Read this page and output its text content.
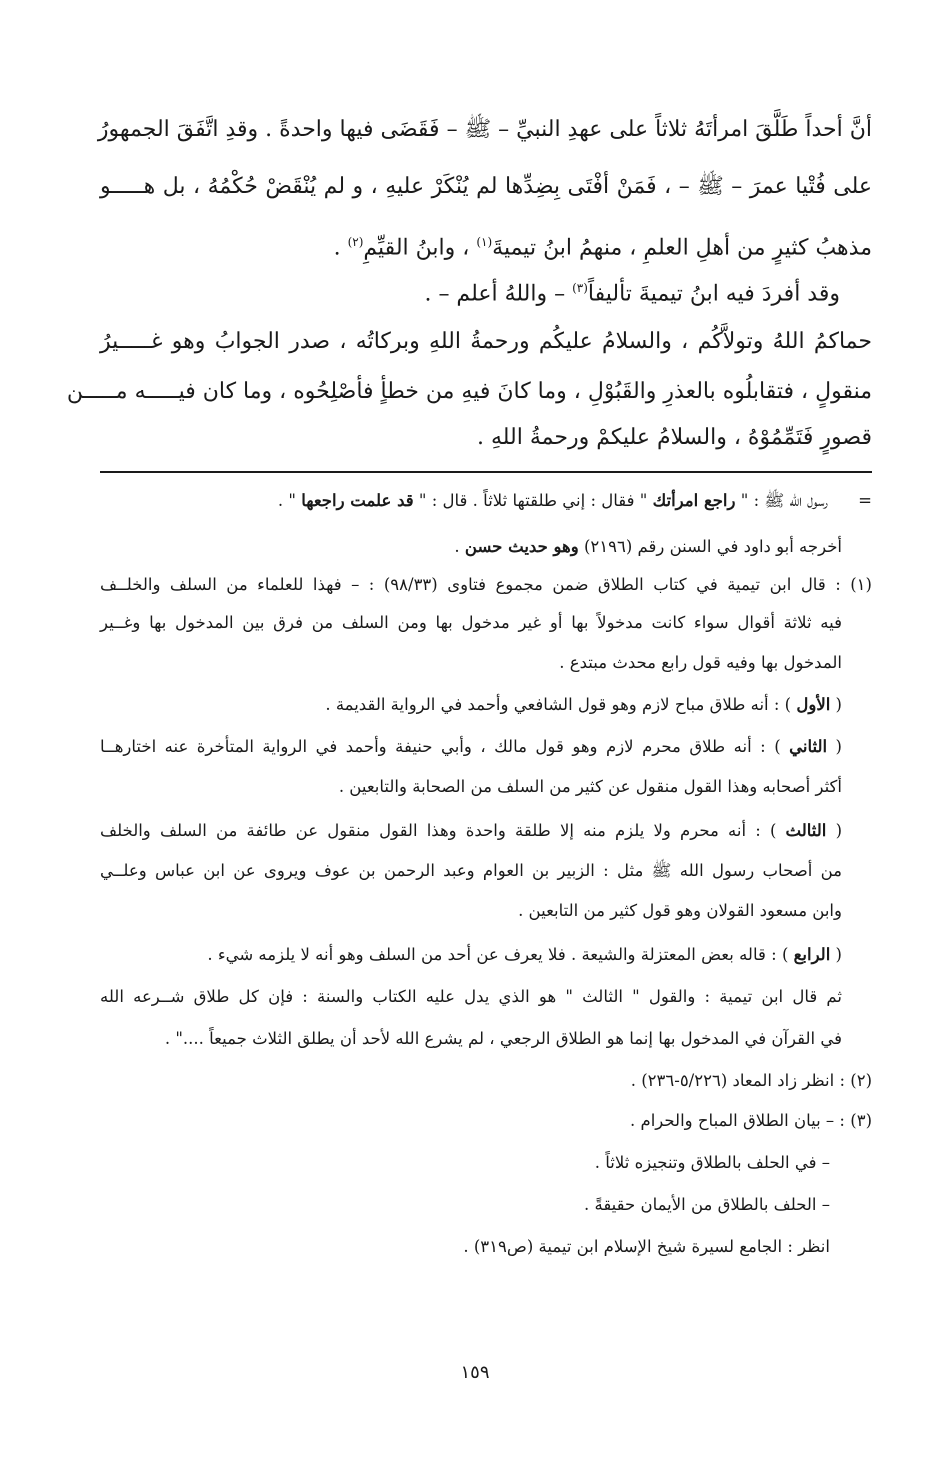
أنَّ أحداً طَلَّقَ امرأتَهُ ثلاثاً على عهدِ النبيِّ – ﷺ – فَقَضَى فيها واحدةً . وقدِ اتَّفَقَ الجمهورُ
على فُتْيا عمرَ – ﷺ – ، فَمَنْ أفْتَى بِضِدِّها لم يُنْكَرْ عليهِ ، و لم يُنْقَضْ حُكْمُهُ ، بل هـــــو
مذهبُ كثيرٍ من أهلِ العلمِ ، منهمُ ابنُ تيميةَ$^{(١)}$ ، وابنُ القيِّمِ$^{(٢)}$ .
وقد أفردَ فيه ابنُ تيميةَ تأليفاً$^{(٣)}$ – واللهُ أعلم – .
حماكمُ اللهُ وتولاَّكُم ، والسلامُ عليكُم ورحمةُ اللهِ وبركاتُه ، صدر الجوابُ وهو غـــــيرُ
منقولٍ ، فتقابلُوه بالعذرِ والقَبُوْلِ ، وما كانَ فيهِ من خطأٍ فأصْلِحُوه ، وما كان فيـــــه مـــــن
قصورٍ فَتَمِّمُوْهُ ، والسلامُ عليكمْ ورحمةُ اللهِ .
=رسول الله ﷺ : " راجع امرأتك " فقال : إني طلقتها ثلاثاً . قال : " قد علمت راجعها " .
أخرجه أبو داود في السنن رقم (٢١٩٦) وهو حديث حسن .
(١) : قال ابن تيمية في كتاب الطلاق ضمن مجموع فتاوى (٩٨/٣٣) : – فهذا للعلماء من السلف والخلــف
فيه ثلاثة أقوال سواء كانت مدخولاً بها أو غير مدخول بها ومن السلف من فرق بين المدخول بها وغــير
المدخول بها وفيه قول رابع محدث مبتدع .
( الأول ) : أنه طلاق مباح لازم وهو قول الشافعي وأحمد في الرواية القديمة .
( الثاني ) : أنه طلاق محرم لازم وهو قول مالك ، وأبي حنيفة وأحمد في الرواية المتأخرة عنه اختارهــا
أكثر أصحابه وهذا القول منقول عن كثير من السلف من الصحابة والتابعين .
( الثالث ) : أنه محرم ولا يلزم منه إلا طلقة واحدة وهذا القول منقول عن طائفة من السلف والخلف
من أصحاب رسول الله ﷺ مثل : الزبير بن العوام وعبد الرحمن بن عوف ويروى عن ابن عباس وعلــي
وابن مسعود القولان وهو قول كثير من التابعين .
( الرابع ) : قاله بعض المعتزلة والشيعة . فلا يعرف عن أحد من السلف وهو أنه لا يلزمه شيء .
ثم قال ابن تيمية : والقول " الثالث " هو الذي يدل عليه الكتاب والسنة : فإن كل طلاق شــرعه الله
في القرآن في المدخول بها إنما هو الطلاق الرجعي ، لم يشرع الله لأحد أن يطلق الثلاث جميعاً ...." .
(٢) : انظر زاد المعاد (٥/٢٢٦-٢٣٦) .
(٣) : – بيان الطلاق المباح والحرام .
– في الحلف بالطلاق وتنجيزه ثلاثاً .
– الحلف بالطلاق من الأيمان حقيقةً .
انظر : الجامع لسيرة شيخ الإسلام ابن تيمية (ص٣١٩) .
١٥٩
